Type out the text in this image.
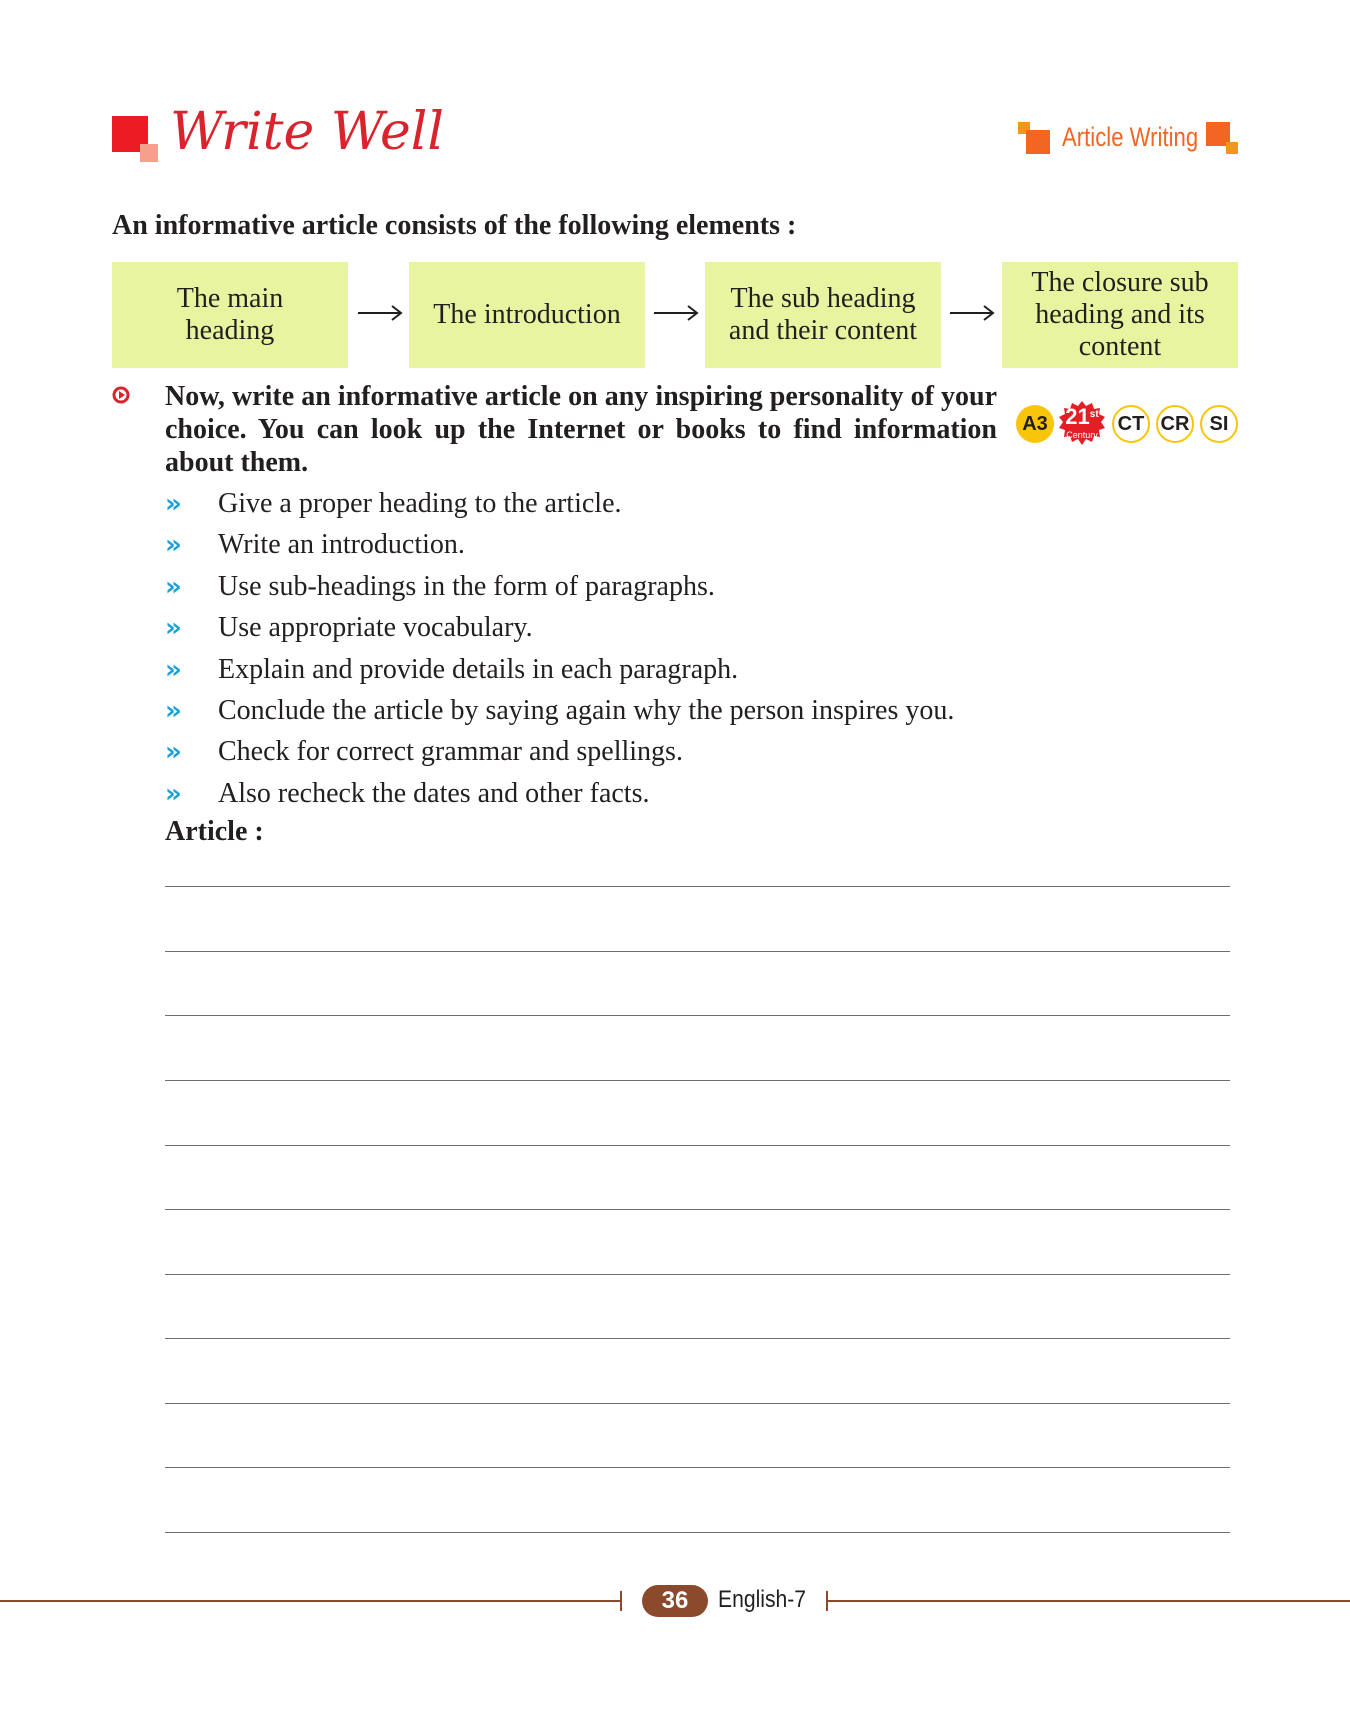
Write Well	Article Writing
An informative article consists of the following elements :
The main heading
The introduction
The sub heading and their content
The closure sub heading and its content
Now, write an informative article on any inspiring personality of your choice. You can look up the Internet or books to find information about them.
A3 21st
Century
CT CR	SI
» Give a proper heading to the article.
» Write an introduction.
» Use sub-headings in the form of paragraphs.
» Use appropriate vocabulary.
» Explain and provide details in each paragraph.
» Conclude the article by saying again why the person inspires you.
» Check for correct grammar and spellings.
» Also recheck the dates and other facts.
Article :
36	English-7
